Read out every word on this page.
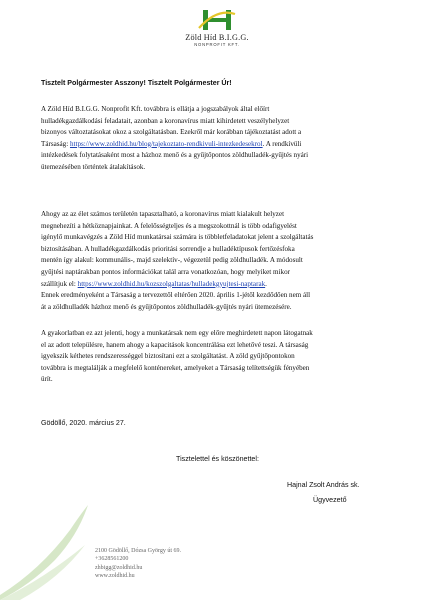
Zöld Híd B.I.G.G.
NONPROFIT KFT.
Tisztelt Polgármester Asszony! Tisztelt Polgármester Úr!
A Zöld Híd B.I.G.G. Nonprofit Kft. továbbra is ellátja a jogszabályok által előírt
hulladékgazdálkodási feladatait, azonban a koronavírus miatt kihirdetett veszélyhelyzet
bizonyos változtatásokat okoz a szolgáltatásban. Ezekről már korábban tájékoztatást adott a
Társaság: https://www.zoldhid.hu/blog/tajekoztato-rendkivuli-intezkedesekrol. A rendkívüli
intézkedések folytatásaként most a házhoz menő és a gyűjtőpontos zöldhulladék-gyűjtés nyári
ütemezésében történtek átalakítások.
Ahogy az az élet számos területén tapasztalható, a koronavírus miatt kialakult helyzet
megnehezíti a hétköznapjainkat. A felelősségteljes és a megszokottnál is több odafigyelést
igénylő munkavégzés a Zöld Híd munkatársai számára is többletfeladatokat jelent a szolgáltatás
biztosításában. A hulladékgazdálkodás prioritási sorrendje a hulladéktípusok fertőzésfoka
mentén így alakul: kommunális-, majd szelektív-, végezetül pedig zöldhulladék. A módosult
gyűjtési naptárakban pontos információkat talál arra vonatkozóan, hogy melyiket mikor
szállítjuk el: https://www.zoldhid.hu/kozszolgaltatas/hulladekgyujtesi-naptarak.
Ennek eredményeként a Társaság a tervezettől eltérően 2020. április 1-jétől kezdődően nem áll
át a zöldhulladék házhoz menő és gyűjtőpontos zöldhulladék-gyűjtés nyári ütemezésére.
A gyakorlatban ez azt jelenti, hogy a munkatársak nem egy előre meghirdetett napon látogatnak
el az adott településre, hanem ahogy a kapacitások koncentrálása ezt lehetővé teszi. A társaság
igyekszik kéthetes rendszerességgel biztosítani ezt a szolgáltatást. A zöld gyűjtőpontokon
továbbra is megtalálják a megfelelő konténereket, amelyeket a Társaság telítettségük fényében
ürít.
Gödöllő, 2020. március 27.
Tisztelettel és köszönettel:
Hajnal Zsolt András sk.
Ügyvezető
2100 Gödöllő, Dózsa György út 69.
+3628561200
zhbigg@zoldhid.hu
www.zoldhid.hu
